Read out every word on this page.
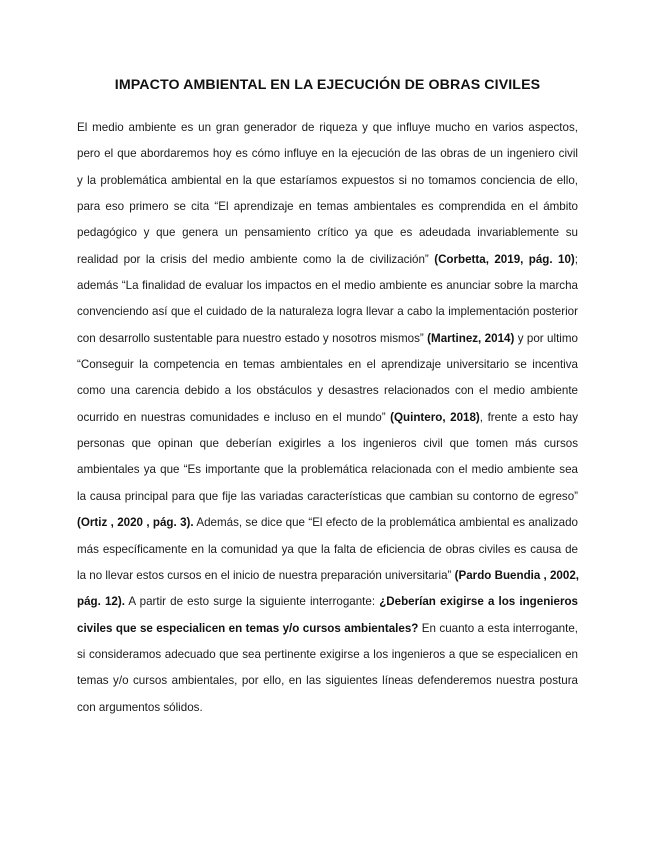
IMPACTO AMBIENTAL EN LA EJECUCIÓN DE OBRAS CIVILES
El medio ambiente es un gran generador de riqueza y que influye mucho en varios aspectos,
pero el que abordaremos hoy es cómo influye en la ejecución de las obras de un ingeniero civil
y la problemática ambiental en la que estaríamos expuestos si no tomamos conciencia de ello,
para eso primero se cita “El aprendizaje en temas ambientales es comprendida en el ámbito
pedagógico y que genera un pensamiento crítico ya que es adeudada invariablemente su
realidad por la crisis del medio ambiente como la de civilización” (Corbetta, 2019, pág. 10);
además “La finalidad de evaluar los impactos en el medio ambiente es anunciar sobre la marcha
convenciendo así que el cuidado de la naturaleza logra llevar a cabo la implementación posterior
con desarrollo sustentable para nuestro estado y nosotros mismos” (Martinez, 2014) y por ultimo
“Conseguir la competencia en temas ambientales en el aprendizaje universitario se incentiva
como una carencia debido a los obstáculos y desastres relacionados con el medio ambiente
ocurrido en nuestras comunidades e incluso en el mundo” (Quintero, 2018), frente a esto hay
personas que opinan que deberían exigirles a los ingenieros civil que tomen más cursos
ambientales ya que “Es importante que la problemática relacionada con el medio ambiente sea
la causa principal para que fije las variadas características que cambian su contorno de egreso”
(Ortiz , 2020 , pág. 3). Además, se dice que “El efecto de la problemática ambiental es analizado
más específicamente en la comunidad ya que la falta de eficiencia de obras civiles es causa de
la no llevar estos cursos en el inicio de nuestra preparación universitaria” (Pardo Buendia , 2002,
pág. 12). A partir de esto surge la siguiente interrogante: ¿Deberían exigirse a los ingenieros
civiles que se especialicen en temas y/o cursos ambientales? En cuanto a esta interrogante,
si consideramos adecuado que sea pertinente exigirse a los ingenieros a que se especialicen en
temas y/o cursos ambientales, por ello, en las siguientes líneas defenderemos nuestra postura
con argumentos sólidos.
